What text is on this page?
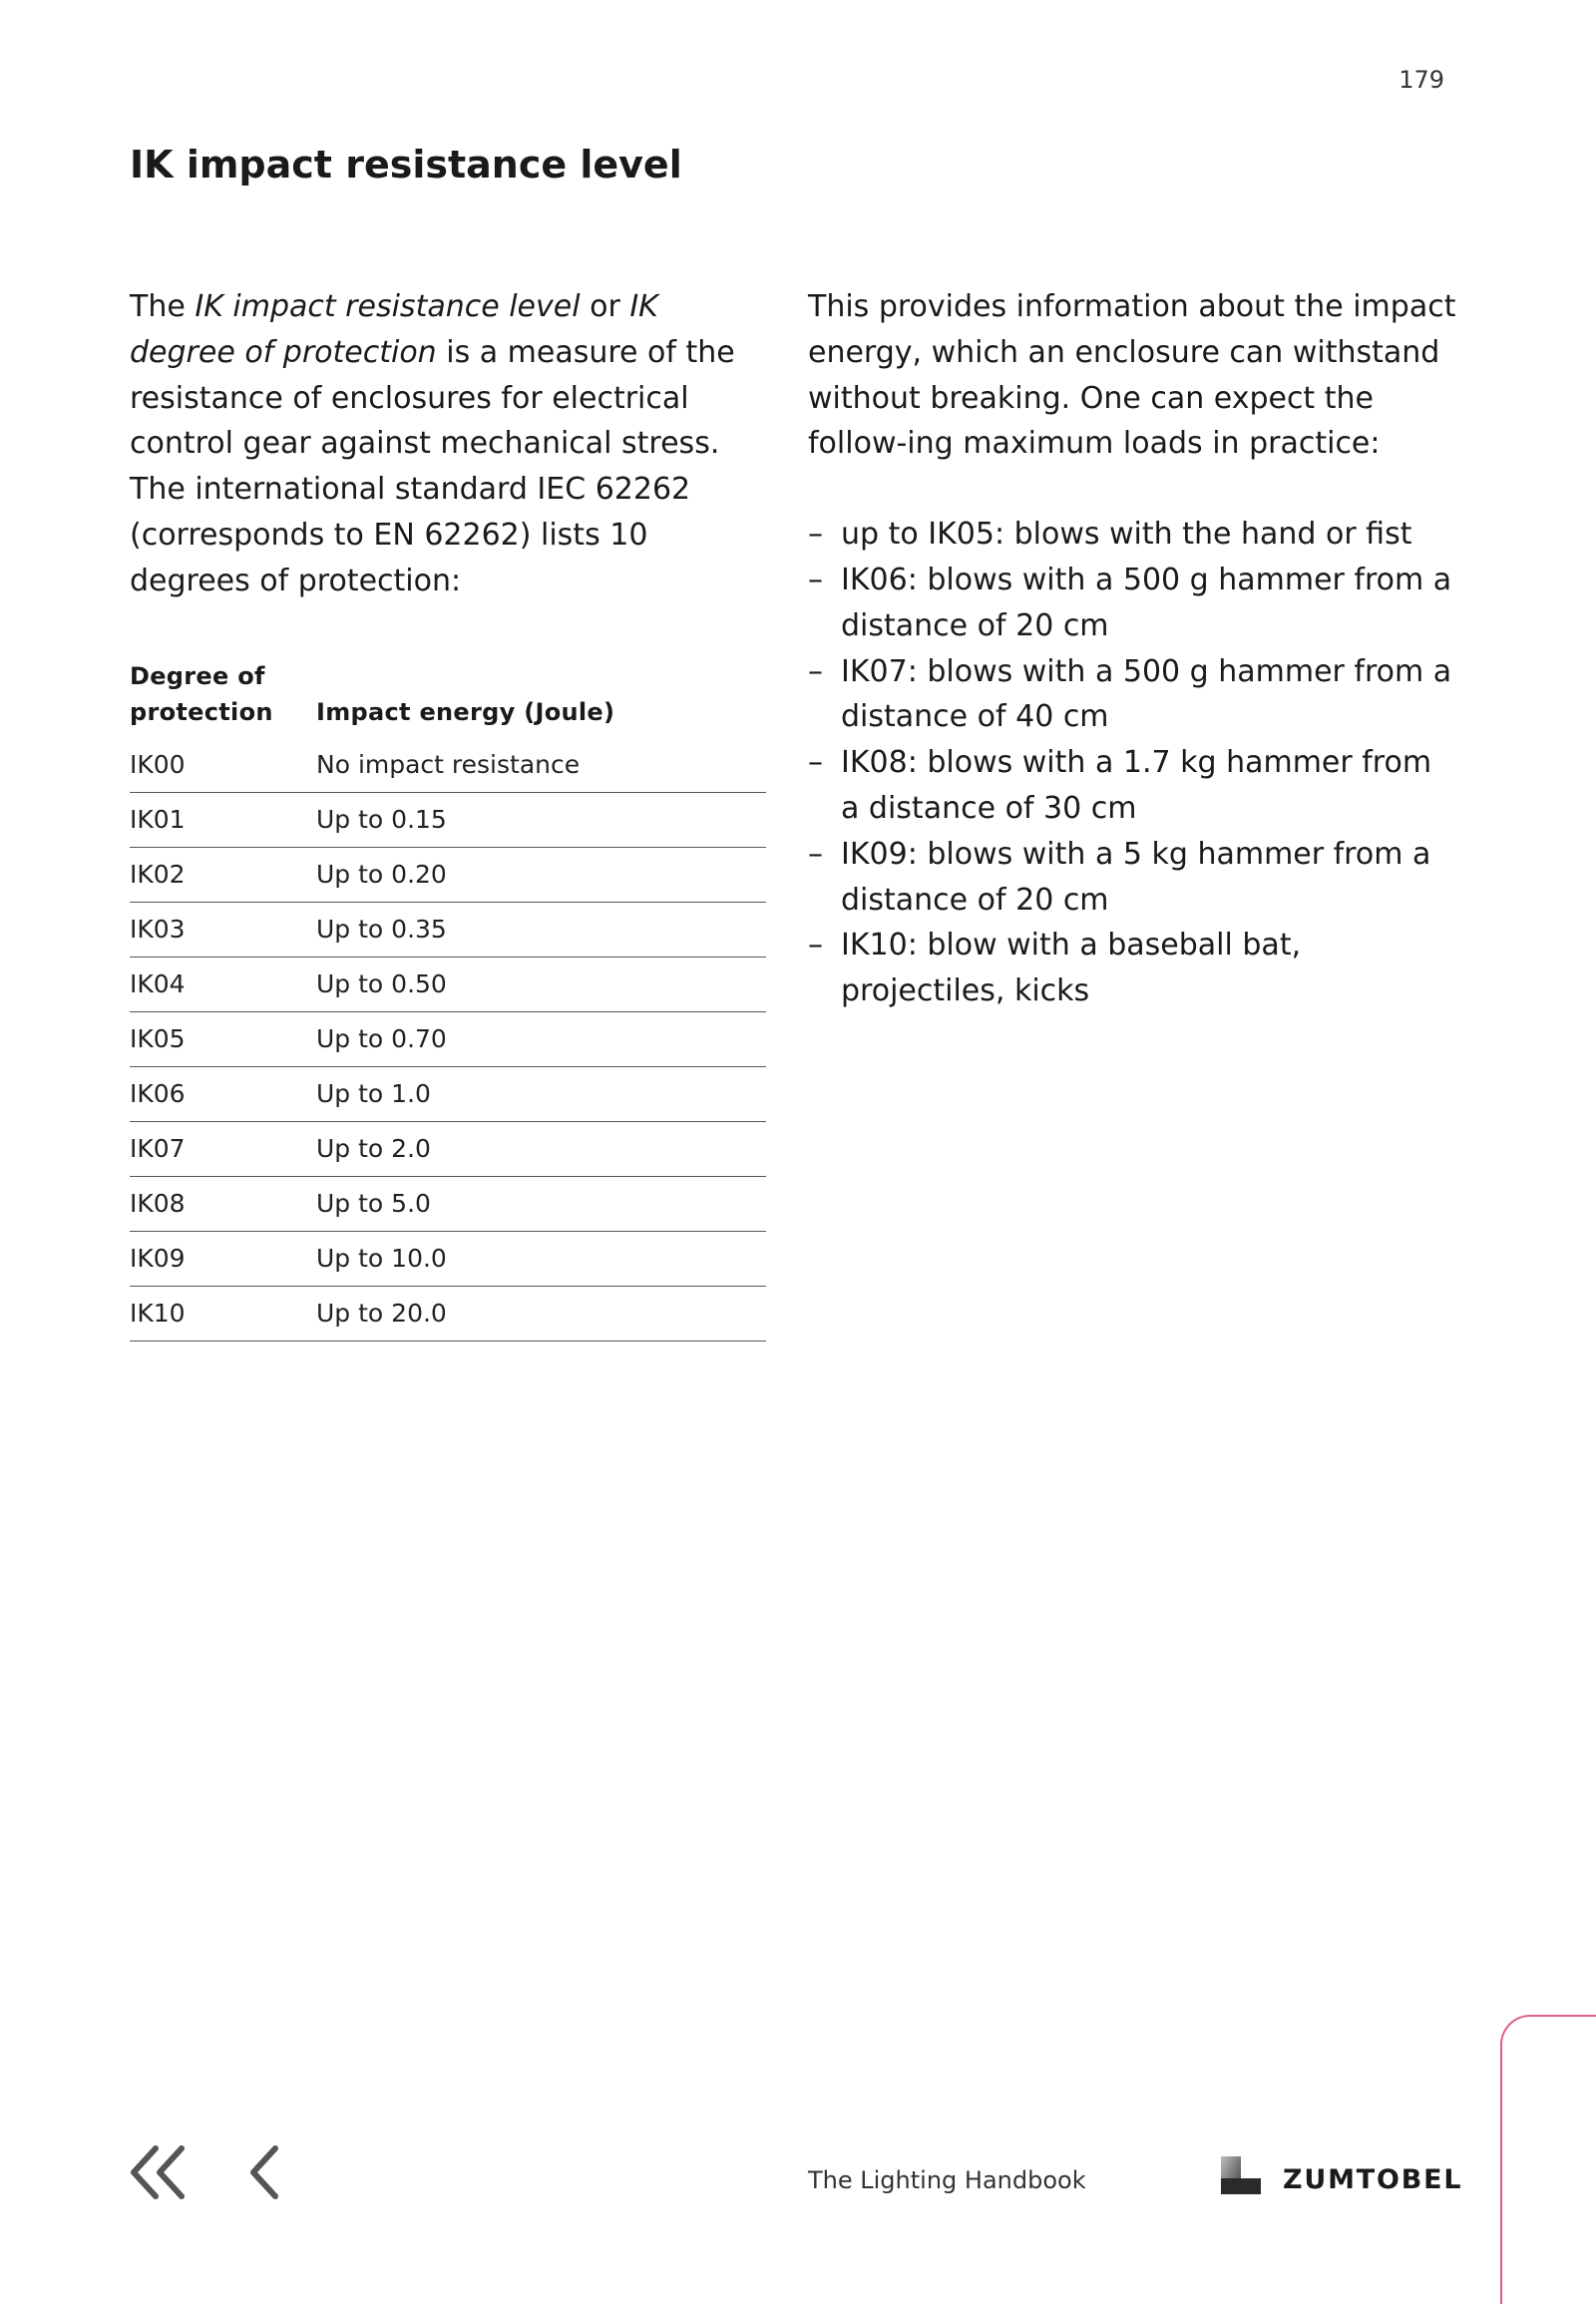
179
IK impact resistance level

The IK impact resistance level or IK degree of protection is a measure of the resistance of enclosures for electrical control gear against mechanical stress. The international standard IEC 62262 (corresponds to EN 62262) lists 10 degrees of protection:

Degree of protection	Impact energy (Joule)
IK00	No impact resistance
IK01	Up to 0.15
IK02	Up to 0.20
IK03	Up to 0.35
IK04	Up to 0.50
IK05	Up to 0.70
IK06	Up to 1.0
IK07	Up to 2.0
IK08	Up to 5.0
IK09	Up to 10.0
IK10	Up to 20.0

This provides information about the impact energy, which an enclosure can withstand without breaking. One can expect the follow-ing maximum loads in practice:

– up to IK05: blows with the hand or fist
– IK06: blows with a 500 g hammer from a distance of 20 cm
– IK07: blows with a 500 g hammer from a distance of 40 cm
– IK08: blows with a 1.7 kg hammer from a distance of 30 cm
– IK09: blows with a 5 kg hammer from a distance of 20 cm
– IK10: blow with a baseball bat, projectiles, kicks
The Lighting Handbook	ZUMTOBEL
